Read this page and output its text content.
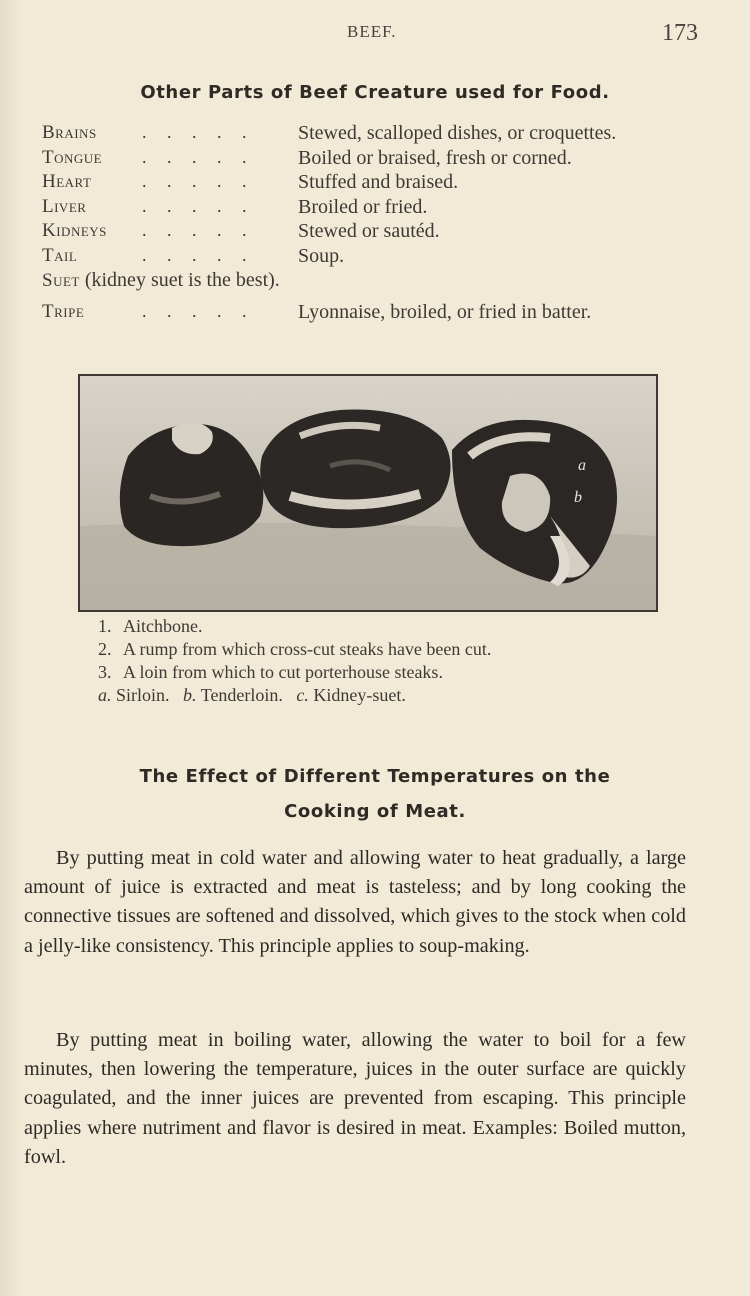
BEEF.	173
Other Parts of Beef Creature used for Food.
Brains	. . . . . Stewed, scalloped dishes, or croquettes.
Tongue . . . . . Boiled or braised, fresh or corned.
Heart	. . . . . Stuffed and braised.
Liver	. . . . . Broiled or fried.
Kidneys . . . . . Stewed or sautéd.
Tail	. . . . . Soup.
Suet (kidney suet is the best).
Tripe	. . . . . Lyonnaise, broiled, or fried in batter.
a
b
c
1. Aitchbone.
2. A rump from which cross-cut steaks have been cut.
3. A loin from which to cut porterhouse steaks.
a. Sirloin. b. Tenderloin. c. Kidney-suet.
The Effect of Different Temperatures on the
Cooking of Meat.

By putting meat in cold water and allowing water to heat gradually, a large amount of juice is extracted and meat is tasteless; and by long cooking the connective tissues are softened and dissolved, which gives to the stock when cold a jelly-like consistency. This principle applies to soup-making.

By putting meat in boiling water, allowing the water to boil for a few minutes, then lowering the temperature, juices in the outer surface are quickly coagulated, and the inner juices are prevented from escaping. This principle applies where nutriment and flavor is desired in meat. Examples: Boiled mutton, fowl.
